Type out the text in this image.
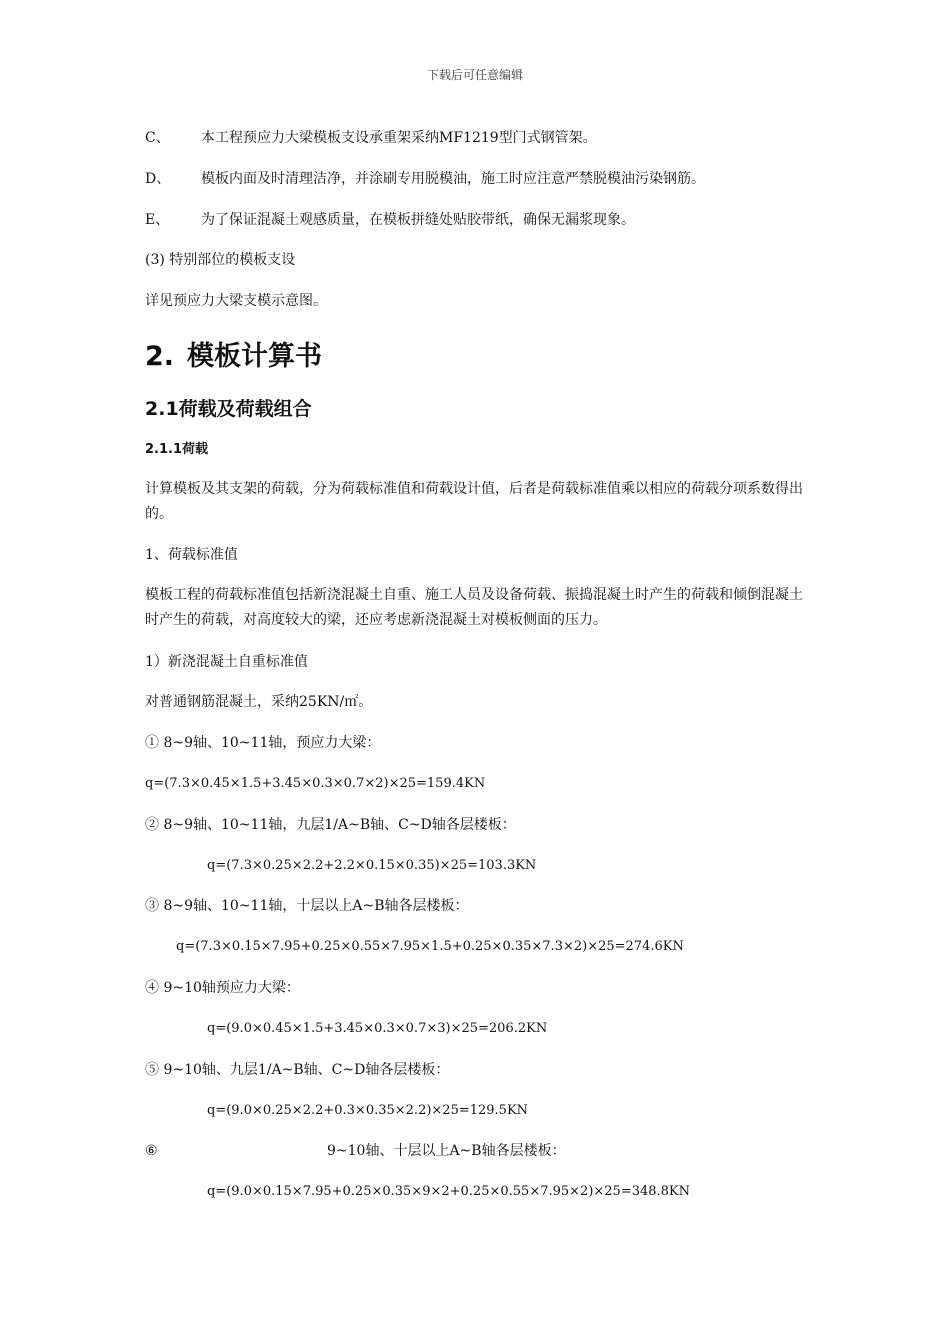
下载后可任意编辑
C、 本工程预应力大梁模板支设承重架采纳MF1219型门式钢管架。
D、 模板内面及时清理洁净，并涂刷专用脱模油，施工时应注意严禁脱模油污染钢筋。
E、 为了保证混凝土观感质量，在模板拼缝处贴胶带纸，确保无漏浆现象。
(3) 特别部位的模板支设
详见预应力大梁支模示意图。
2. 模板计算书
2.1荷载及荷载组合
2.1.1荷载
计算模板及其支架的荷载，分为荷载标准值和荷载设计值，后者是荷载标准值乘以相应的荷载分项系数得出的。
1、荷载标准值
模板工程的荷载标准值包括新浇混凝土自重、施工人员及设备荷载、振捣混凝土时产生的荷载和倾倒混凝土时产生的荷载，对高度较大的梁，还应考虑新浇混凝土对模板侧面的压力。
1）新浇混凝土自重标准值
对普通钢筋混凝土，采纳25KN/㎡。
① 8~9轴、10~11轴，预应力大梁：
q=(7.3×0.45×1.5+3.45×0.3×0.7×2)×25=159.4KN
② 8~9轴、10~11轴，九层1/A~B轴、C~D轴各层楼板：
q=(7.3×0.25×2.2+2.2×0.15×0.35)×25=103.3KN
③ 8~9轴、10~11轴，十层以上A~B轴各层楼板：
q=(7.3×0.15×7.95+0.25×0.55×7.95×1.5+0.25×0.35×7.3×2)×25=274.6KN
④ 9~10轴预应力大梁：
q=(9.0×0.45×1.5+3.45×0.3×0.7×3)×25=206.2KN
⑤ 9~10轴、九层1/A~B轴、C~D轴各层楼板：
q=(9.0×0.25×2.2+0.3×0.35×2.2)×25=129.5KN
⑥	9~10轴、十层以上A~B轴各层楼板：
q=(9.0×0.15×7.95+0.25×0.35×9×2+0.25×0.55×7.95×2)×25=348.8KN
